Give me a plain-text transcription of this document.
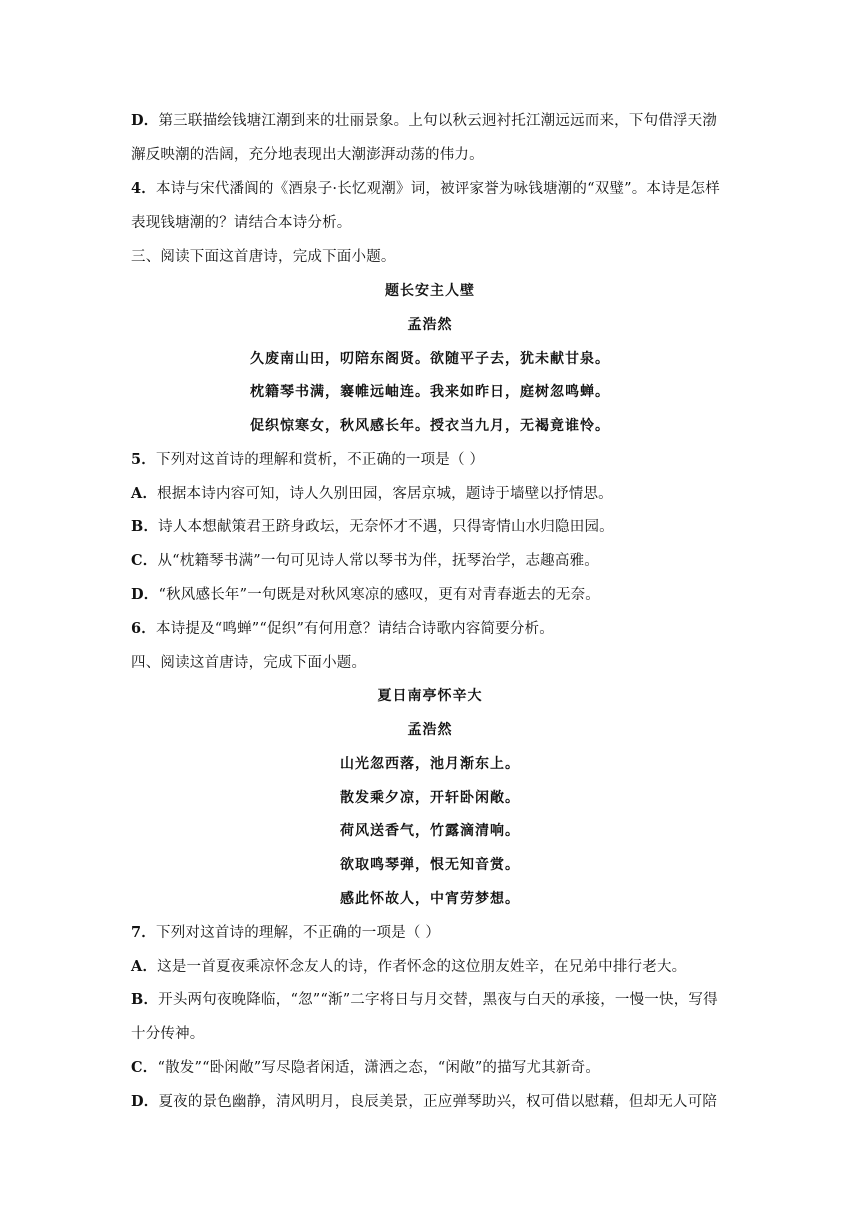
D．第三联描绘钱塘江潮到来的壮丽景象。上句以秋云迥衬托江潮远远而来，下句借浮天渤
澥反映潮的浩阔，充分地表现出大潮澎湃动荡的伟力。
4．本诗与宋代潘阆的《酒泉子·长忆观潮》词，被评家誉为咏钱塘潮的“双璧”。本诗是怎样
表现钱塘潮的？请结合本诗分析。
三、阅读下面这首唐诗，完成下面小题。
题长安主人壁
孟浩然
久废南山田，叨陪东阁贤。欲随平子去，犹未献甘泉。
枕籍琴书满，褰帷远岫连。我来如昨日，庭树忽鸣蝉。
促织惊寒女，秋风感长年。授衣当九月，无褐竟谁怜。
5．下列对这首诗的理解和赏析，不正确的一项是（ ）
A．根据本诗内容可知，诗人久别田园，客居京城，题诗于墙壁以抒情思。
B．诗人本想献策君王跻身政坛，无奈怀才不遇，只得寄情山水归隐田园。
C．从“枕籍琴书满”一句可见诗人常以琴书为伴，抚琴治学，志趣高雅。
D．“秋风感长年”一句既是对秋风寒凉的感叹，更有对青春逝去的无奈。
6．本诗提及“鸣蝉”“促织”有何用意？请结合诗歌内容简要分析。
四、阅读这首唐诗，完成下面小题。
夏日南亭怀辛大
孟浩然
山光忽西落，池月渐东上。
散发乘夕凉，开轩卧闲敞。
荷风送香气，竹露滴清响。
欲取鸣琴弹，恨无知音赏。
感此怀故人，中宵劳梦想。
7．下列对这首诗的理解，不正确的一项是（ ）
A．这是一首夏夜乘凉怀念友人的诗，作者怀念的这位朋友姓辛，在兄弟中排行老大。
B．开头两句夜晚降临，“忽”“渐”二字将日与月交替，黑夜与白天的承接，一慢一快，写得
十分传神。
C．“散发”“卧闲敞”写尽隐者闲适，潇洒之态，“闲敞”的描写尤其新奇。
D．夏夜的景色幽静，清风明月，良辰美景，正应弹琴助兴，权可借以慰藉，但却无人可陪
